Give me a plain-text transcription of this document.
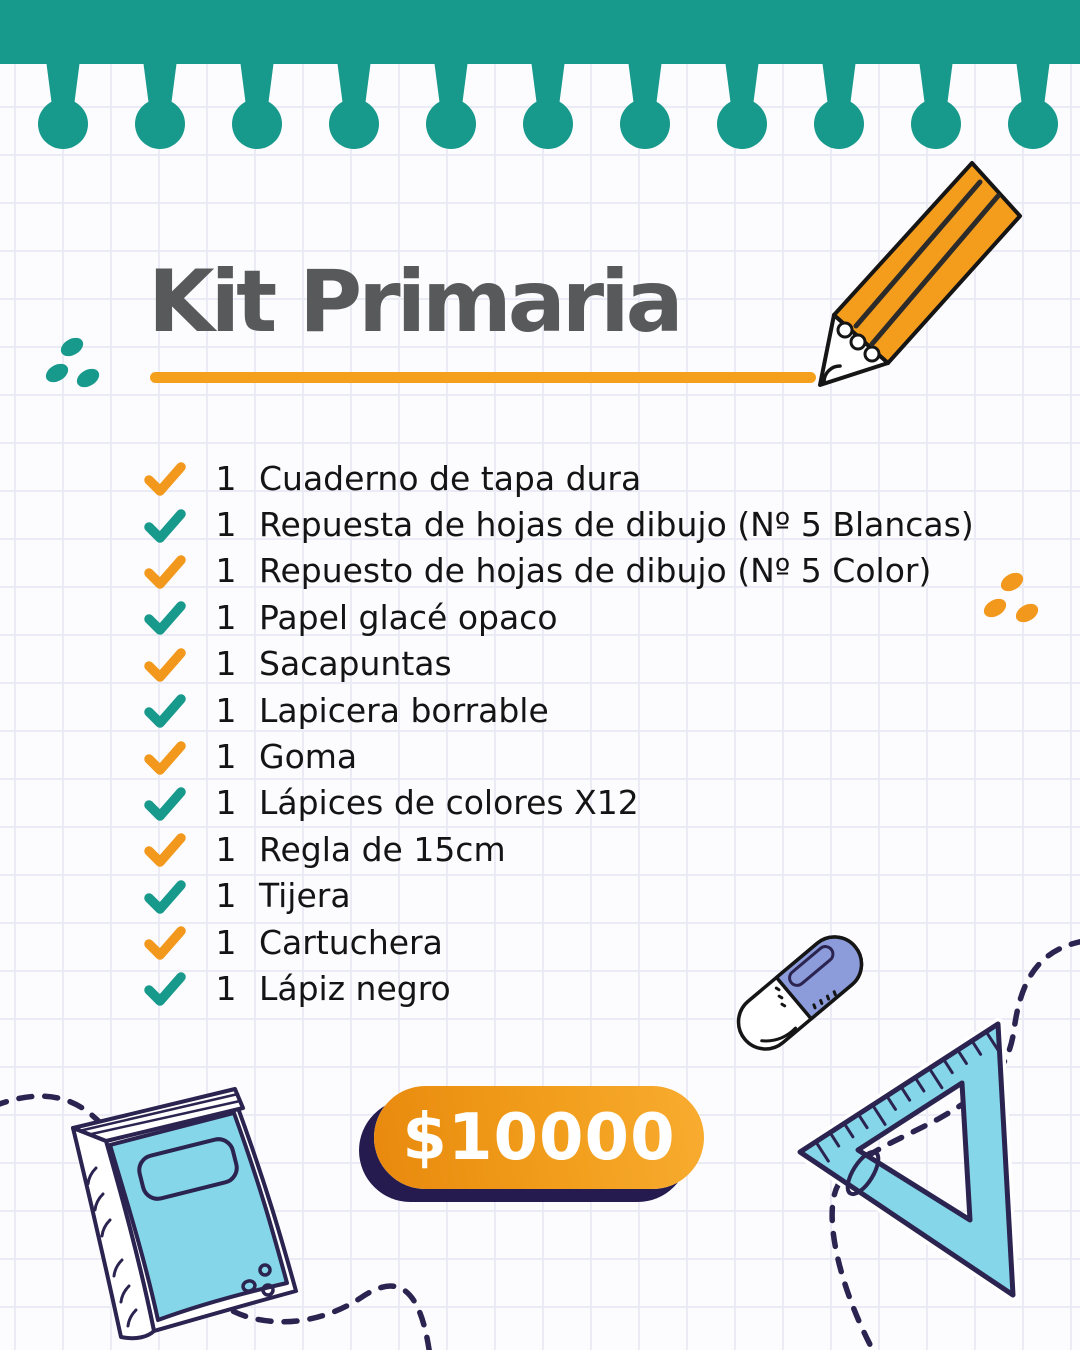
Kit Primaria
1 Cuaderno de tapa dura
1 Repuesta de hojas de dibujo (Nº 5 Blancas)
1 Repuesto de hojas de dibujo (Nº 5 Color)
1 Papel glacé opaco
1 Sacapuntas
1 Lapicera borrable
1 Goma
1 Lápices de colores X12
1 Regla de 15cm
1 Tijera
1 Cartuchera
1 Lápiz negro
$10000
